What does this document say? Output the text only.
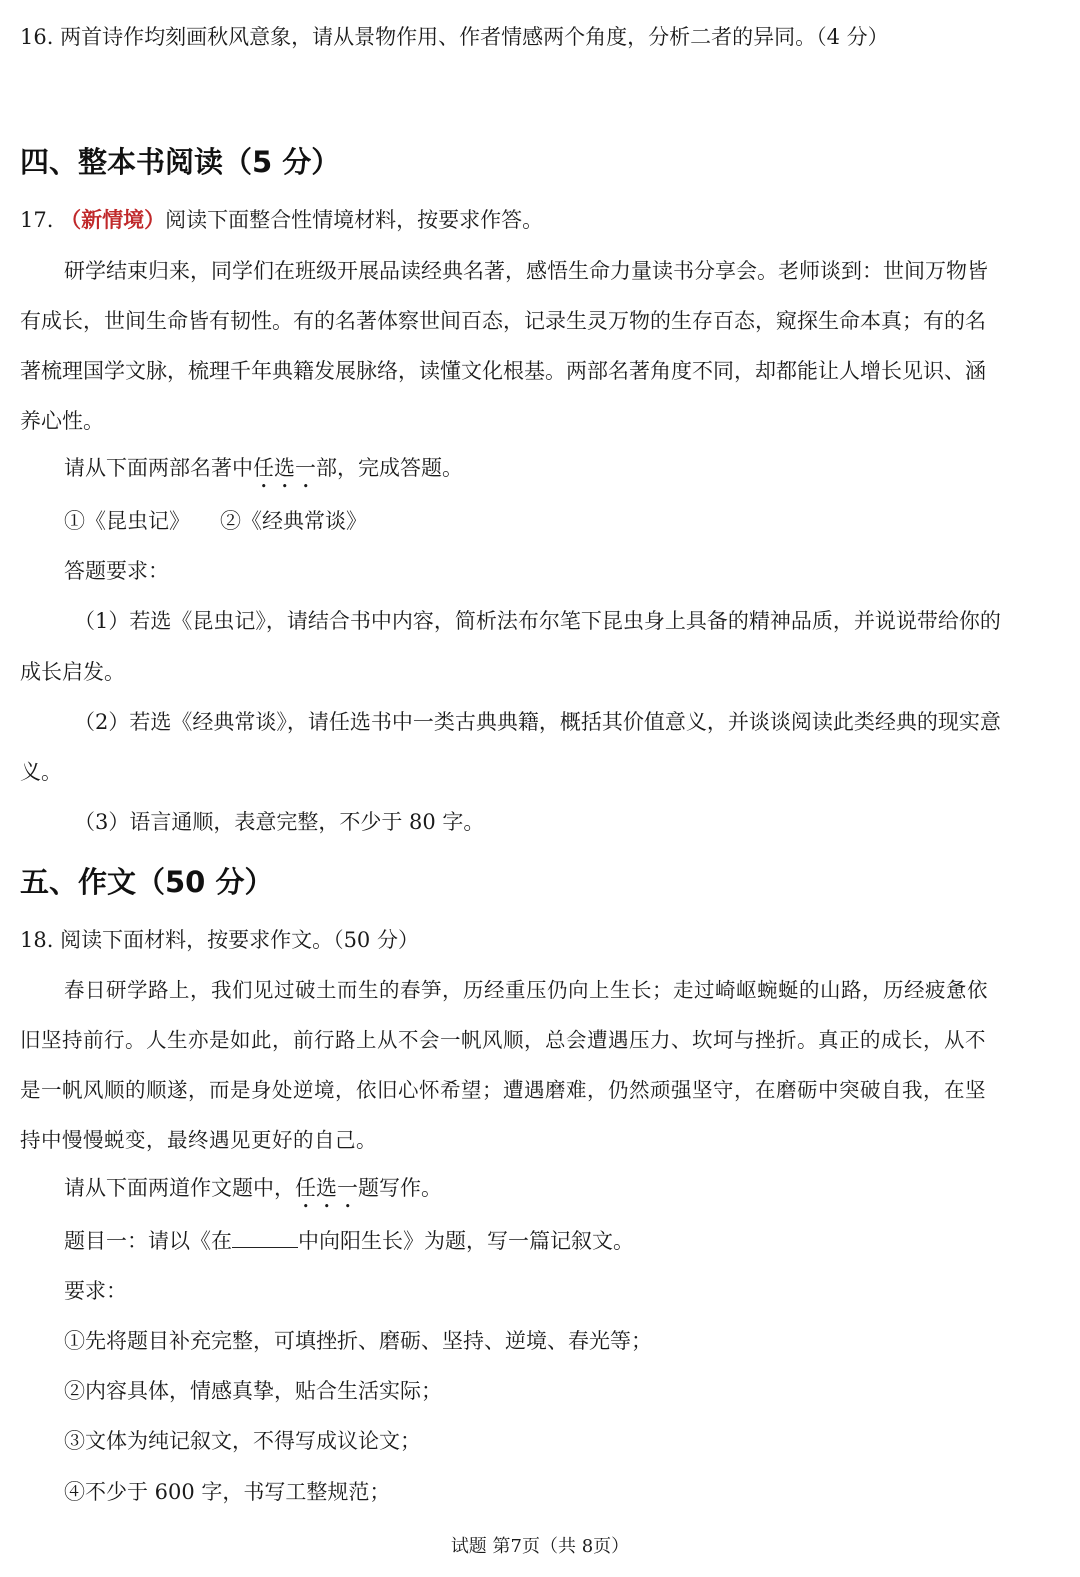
16. 两首诗作均刻画秋风意象，请从景物作用、作者情感两个角度，分析二者的异同。（4 分）
四、整本书阅读（5 分）
17. （新情境）阅读下面整合性情境材料，按要求作答。
研学结束归来，同学们在班级开展品读经典名著，感悟生命力量读书分享会。老师谈到：世间万物皆
有成长，世间生命皆有韧性。有的名著体察世间百态，记录生灵万物的生存百态，窥探生命本真；有的名
著梳理国学文脉，梳理千年典籍发展脉络，读懂文化根基。两部名著角度不同，却都能让人增长见识、涵
养心性。
请从下面两部名著中任选一部，完成答题。
①《昆虫记》 ②《经典常谈》
答题要求：
（1）若选《昆虫记》，请结合书中内容，简析法布尔笔下昆虫身上具备的精神品质，并说说带给你的
成长启发。
（2）若选《经典常谈》，请任选书中一类古典典籍，概括其价值意义，并谈谈阅读此类经典的现实意
义。
（3）语言通顺，表意完整，不少于 80 字。
五、作文（50 分）
18. 阅读下面材料，按要求作文。（50 分）
春日研学路上，我们见过破土而生的春笋，历经重压仍向上生长；走过崎岖蜿蜒的山路，历经疲惫依
旧坚持前行。人生亦是如此，前行路上从不会一帆风顺，总会遭遇压力、坎坷与挫折。真正的成长，从不
是一帆风顺的顺遂，而是身处逆境，依旧心怀希望；遭遇磨难，仍然顽强坚守，在磨砺中突破自我，在坚
持中慢慢蜕变，最终遇见更好的自己。
请从下面两道作文题中，任选一题写作。
题目一：请以《在	中向阳生长》为题，写一篇记叙文。
要求：
①先将题目补充完整，可填挫折、磨砺、坚持、逆境、春光等；
②内容具体，情感真挚，贴合生活实际；
③文体为纯记叙文，不得写成议论文；
④不少于 600 字，书写工整规范；
试题 第7页（共 8页）
